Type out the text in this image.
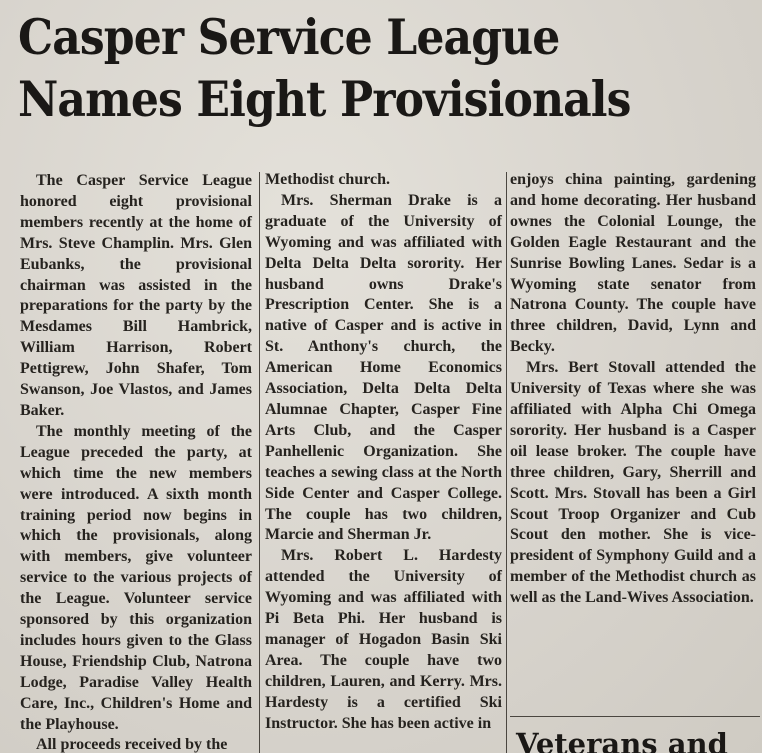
Casper Service League
Names Eight Provisionals

The Casper Service League honored eight provisional members recently at the home of Mrs. Steve Champlin. Mrs. Glen Eubanks, the provisional chairman was assisted in the preparations for the party by the Mesdames Bill Hambrick, William Harrison, Robert Pettigrew, John Shafer, Tom Swanson, Joe Vlastos, and James Baker.

The monthly meeting of the League preceded the party, at which time the new members were introduced. A sixth month training period now begins in which the provisionals, along with members, give volunteer service to the various projects of the League. Volunteer service sponsored by this organization includes hours given to the Glass House, Friendship Club, Natrona Lodge, Paradise Valley Health Care, Inc., Children's Home and the Playhouse.

All proceeds received by the

Methodist church.

Mrs. Sherman Drake is a graduate of the University of Wyoming and was affiliated with Delta Delta Delta sorority. Her husband owns Drake's Prescription Center. She is a native of Casper and is active in St. Anthony's church, the American Home Economics Association, Delta Delta Delta Alumnae Chapter, Casper Fine Arts Club, and the Casper Panhellenic Organization. She teaches a sewing class at the North Side Center and Casper College. The couple has two children, Marcie and Sherman Jr.

Mrs. Robert L. Hardesty attended the University of Wyoming and was affiliated with Pi Beta Phi. Her husband is manager of Hogadon Basin Ski Area. The couple have two children, Lauren, and Kerry. Mrs. Hardesty is a certified Ski Instructor. She has been active in

enjoys china painting, gardening and home decorating. Her husband ownes the Colonial Lounge, the Golden Eagle Restaurant and the Sunrise Bowling Lanes. Sedar is a Wyoming state senator from Natrona County. The couple have three children, David, Lynn and Becky.

Mrs. Bert Stovall attended the University of Texas where she was affiliated with Alpha Chi Omega sorority. Her husband is a Casper oil lease broker. The couple have three children, Gary, Sherrill and Scott. Mrs. Stovall has been a Girl Scout Troop Organizer and Cub Scout den mother. She is vice-president of Symphony Guild and a member of the Methodist church as well as the Land-Wives Association.

Veterans and
